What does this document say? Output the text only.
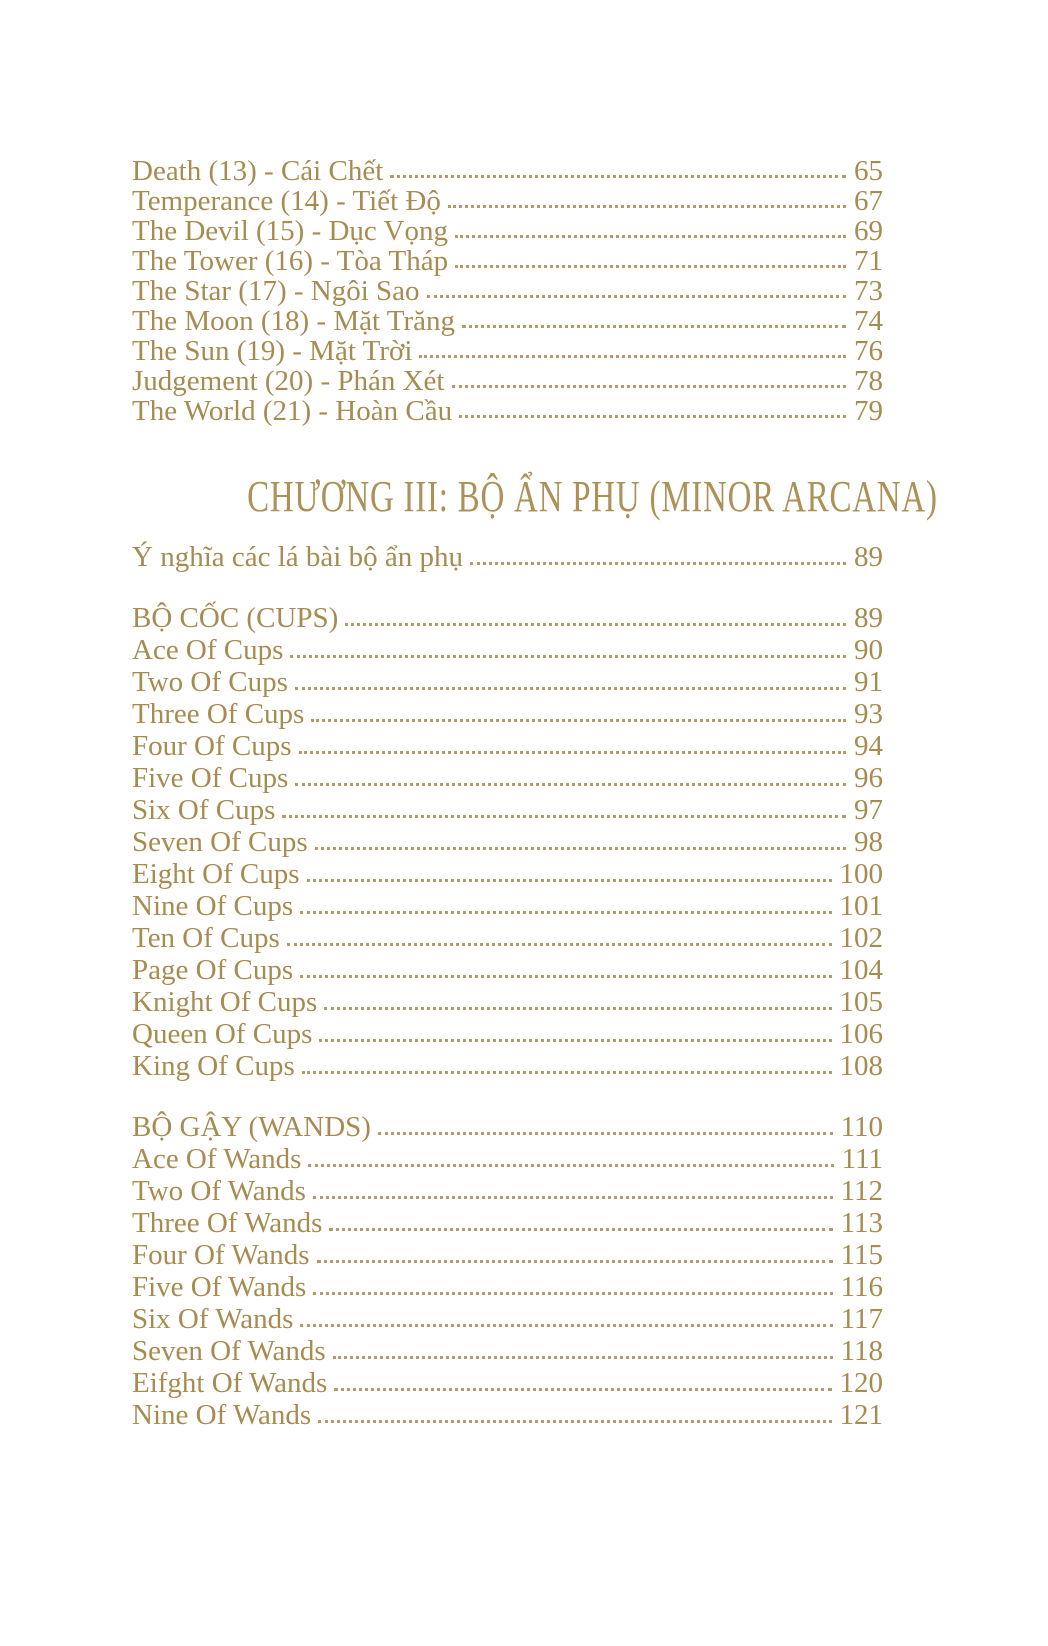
Death (13) - Cái Chết	65
Temperance (14) - Tiết Độ	67
The Devil (15) - Dục Vọng	69
The Tower (16) - Tòa Tháp	71
The Star (17) - Ngôi Sao	73
The Moon (18) - Mặt Trăng	74
The Sun (19) - Mặt Trời	76
Judgement (20) - Phán Xét	78
The World (21) - Hoàn Cầu	79
CHƯƠNG III: BỘ ẨN PHỤ (MINOR ARCANA)
Ý nghĩa các lá bài bộ ẩn phụ	89
BỘ CỐC (CUPS)	89
Ace Of Cups	90
Two Of Cups	91
Three Of Cups	93
Four Of Cups	94
Five Of Cups	96
Six Of Cups	97
Seven Of Cups	98
Eight Of Cups	100
Nine Of Cups	101
Ten Of Cups	102
Page Of Cups	104
Knight Of Cups	105
Queen Of Cups	106
King Of Cups	108
BỘ GẬY (WANDS)	110
Ace Of Wands	111
Two Of Wands	112
Three Of Wands	113
Four Of Wands	115
Five Of Wands	116
Six Of Wands	117
Seven Of Wands	118
Eifght Of Wands	120
Nine Of Wands	121
